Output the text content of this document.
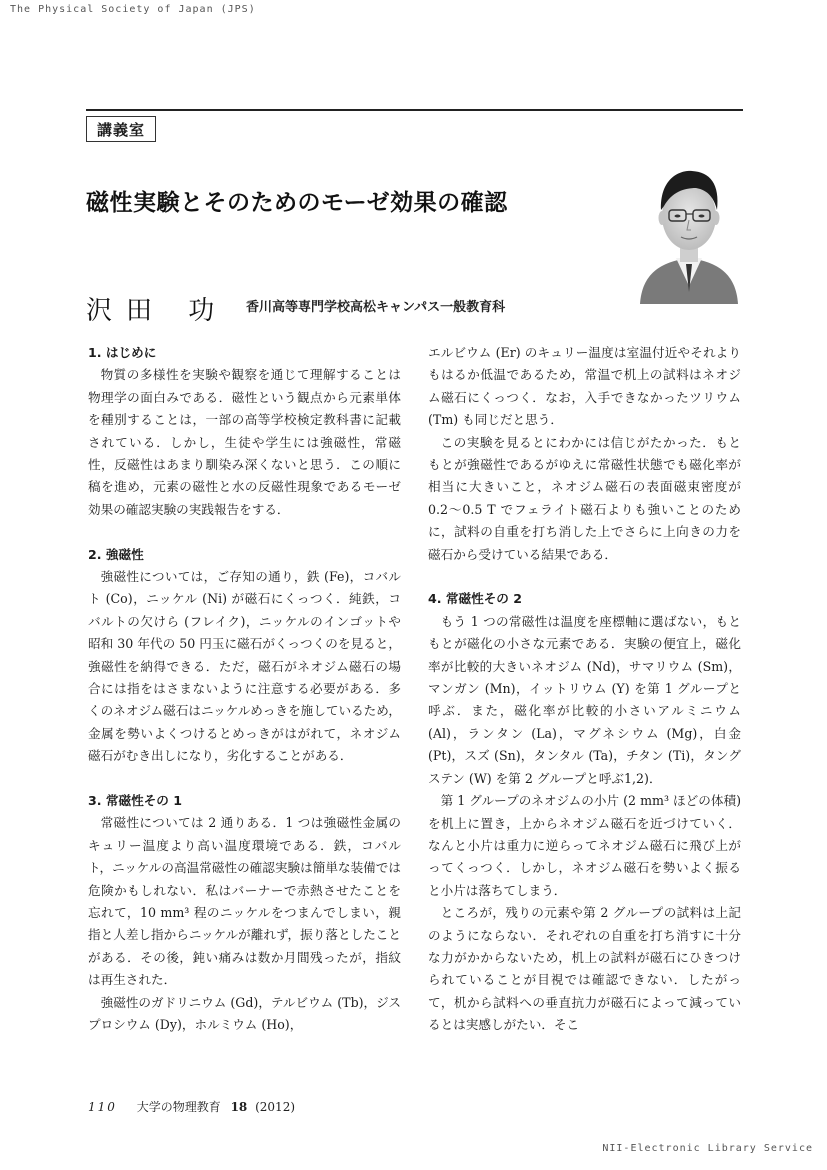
The Physical Society of Japan (JPS)
講義室
磁性実験とそのためのモーゼ効果の確認
沢田 功 香川高等専門学校高松キャンパス一般教育科
1. はじめに

物質の多様性を実験や観察を通じて理解することは物理学の面白みである．磁性という観点から元素単体を種別することは，一部の高等学校検定教科書に記載されている．しかし，生徒や学生には強磁性，常磁性，反磁性はあまり馴染み深くないと思う．この順に稿を進め，元素の磁性と水の反磁性現象であるモーゼ効果の確認実験の実践報告をする．

2. 強磁性

強磁性については，ご存知の通り，鉄 (Fe)，コバルト (Co)，ニッケル (Ni) が磁石にくっつく．純鉄，コバルトの欠けら (フレイク)，ニッケルのインゴットや昭和 30 年代の 50 円玉に磁石がくっつくのを見ると，強磁性を納得できる．ただ，磁石がネオジム磁石の場合には指をはさまないように注意する必要がある．多くのネオジム磁石はニッケルめっきを施しているため，金属を勢いよくつけるとめっきがはがれて，ネオジム磁石がむき出しになり，劣化することがある．

3. 常磁性その 1

常磁性については 2 通りある．1 つは強磁性金属のキュリー温度より高い温度環境である．鉄，コバルト，ニッケルの高温常磁性の確認実験は簡単な装備では危険かもしれない．私はバーナーで赤熱させたことを忘れて，10 mm³ 程のニッケルをつまんでしまい，親指と人差し指からニッケルが離れず，振り落としたことがある．その後，鈍い痛みは数か月間残ったが，指紋は再生された．

強磁性のガドリニウム (Gd)，テルビウム (Tb)，ジスプロシウム (Dy)，ホルミウム (Ho)，

エルビウム (Er) のキュリー温度は室温付近やそれよりもはるか低温であるため，常温で机上の試料はネオジム磁石にくっつく．なお，入手できなかったツリウム (Tm) も同じだと思う．

この実験を見るとにわかには信じがたかった．もともとが強磁性であるがゆえに常磁性状態でも磁化率が相当に大きいこと，ネオジム磁石の表面磁束密度が 0.2～0.5 T でフェライト磁石よりも強いことのために，試料の自重を打ち消した上でさらに上向きの力を磁石から受けている結果である．

4. 常磁性その 2

もう 1 つの常磁性は温度を座標軸に選ばない，もともとが磁化の小さな元素である．実験の便宜上，磁化率が比較的大きいネオジム (Nd)，サマリウム (Sm)，マンガン (Mn)，イットリウム (Y) を第 1 グループと呼ぶ．また，磁化率が比較的小さいアルミニウム (Al)，ランタン (La)，マグネシウム (Mg)，白金 (Pt)，スズ (Sn)，タンタル (Ta)，チタン (Ti)，タングステン (W) を第 2 グループと呼ぶ1,2)．

第 1 グループのネオジムの小片 (2 mm³ ほどの体積) を机上に置き，上からネオジム磁石を近づけていく．なんと小片は重力に逆らってネオジム磁石に飛び上がってくっつく．しかし，ネオジム磁石を勢いよく振ると小片は落ちてしまう．

ところが，残りの元素や第 2 グループの試料は上記のようにならない．それぞれの自重を打ち消すに十分な力がかからないため，机上の試料が磁石にひきつけられていることが目視では確認できない．したがって，机から試料への垂直抗力が磁石によって減っているとは実感しがたい．そこ

110 大学の物理教育 18 (2012)
NII-Electronic Library Service
